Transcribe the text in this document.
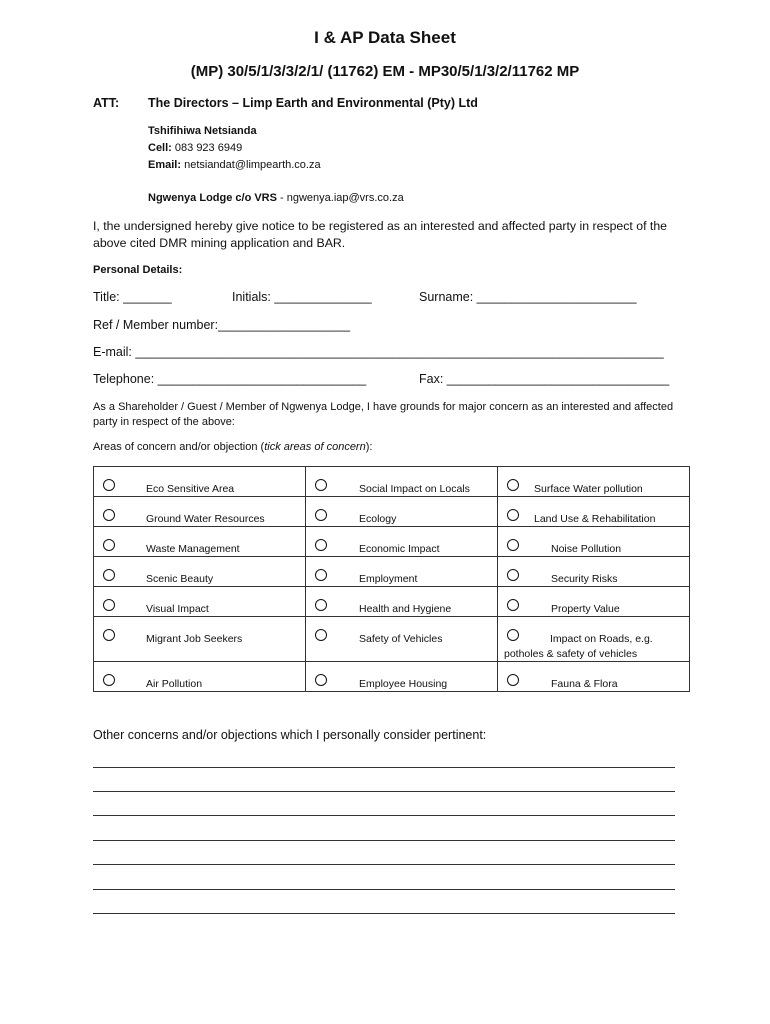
I & AP Data Sheet
(MP) 30/5/1/3/3/2/1/ (11762) EM - MP30/5/1/3/2/11762 MP
ATT: The Directors – Limp Earth and Environmental (Pty) Ltd
Tshifihiwa Netsianda
Cell: 083 923 6949
Email: netsiandat@limpearth.co.za
Ngwenya Lodge c/o VRS - ngwenya.iap@vrs.co.za
I, the undersigned hereby give notice to be registered as an interested and affected party in respect of the above cited DMR mining application and BAR.
Personal Details:
Title: _______	Initials: ______________	Surname: _______________________
Ref / Member number:___________________
E-mail: ____________________________________________________________________________
Telephone: ______________________________	Fax: ________________________________
As a Shareholder / Guest / Member of Ngwenya Lodge, I have grounds for major concern as an interested and affected party in respect of the above:
Areas of concern and/or objection (tick areas of concern):
Eco Sensitive Area	Social Impact on Locals	Surface Water pollution

Ground Water Resources	Ecology	Land Use & Rehabilitation

Waste Management	Economic Impact	Noise Pollution

Scenic Beauty	Employment	Security Risks

Visual Impact	Health and Hygiene	Property Value

Migrant Job Seekers	Safety of Vehicles	Impact on Roads, e.g. potholes & safety of vehicles

Air Pollution	Employee Housing	Fauna & Flora
Other concerns and/or objections which I personally consider pertinent:
